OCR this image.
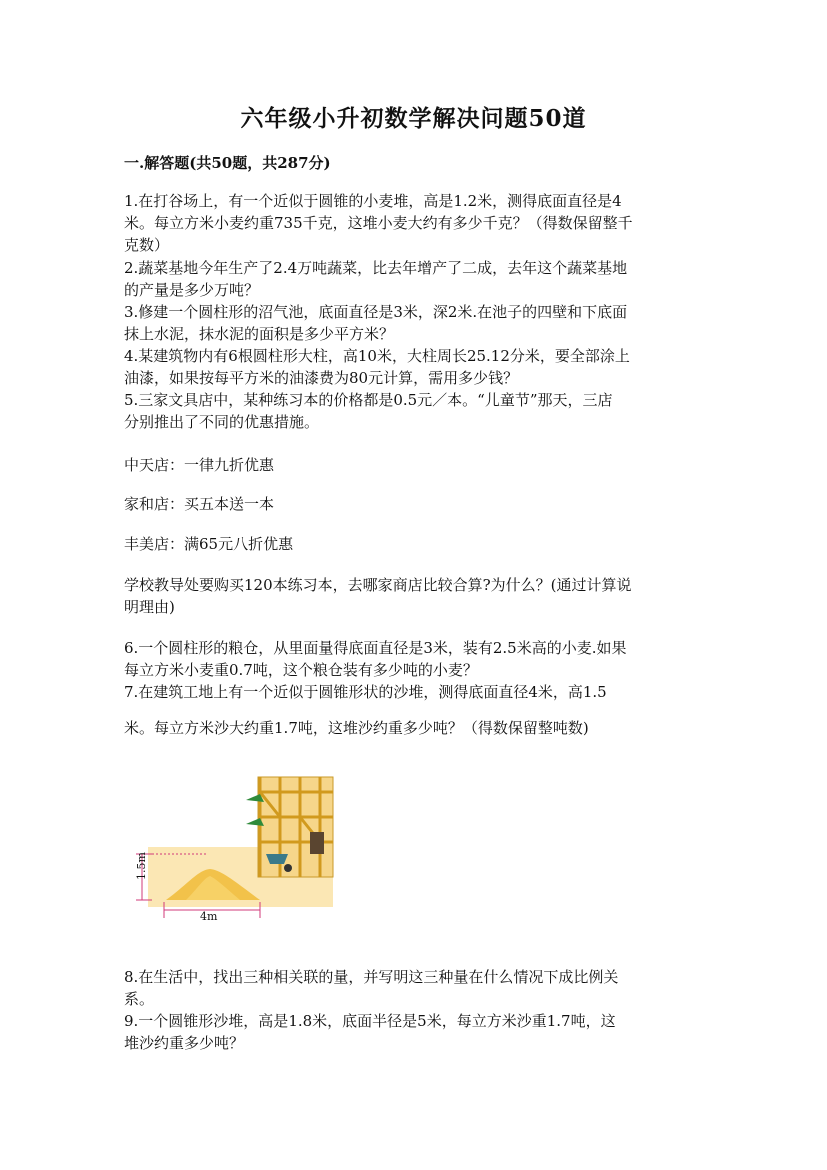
六年级小升初数学解决问题50道
一.解答题(共50题，共287分)
1.在打谷场上，有一个近似于圆锥的小麦堆，高是1.2米，测得底面直径是4
米。每立方米小麦约重735千克，这堆小麦大约有多少千克？（得数保留整千
克数）
2.蔬菜基地今年生产了2.4万吨蔬菜，比去年增产了二成，去年这个蔬菜基地
的产量是多少万吨？
3.修建一个圆柱形的沼气池，底面直径是3米，深2米.在池子的四壁和下底面
抹上水泥，抹水泥的面积是多少平方米？
4.某建筑物内有6根圆柱形大柱，高10米，大柱周长25.12分米，要全部涂上
油漆，如果按每平方米的油漆费为80元计算，需用多少钱？
5.三家文具店中，某种练习本的价格都是0.5元／本。“儿童节”那天，三店
分别推出了不同的优惠措施。
中天店：一律九折优惠
家和店：买五本送一本
丰美店：满65元八折优惠
学校教导处要购买120本练习本，去哪家商店比较合算?为什么？(通过计算说
明理由)
6.一个圆柱形的粮仓，从里面量得底面直径是3米，装有2.5米高的小麦.如果
每立方米小麦重0.7吨，这个粮仓装有多少吨的小麦？
7.在建筑工地上有一个近似于圆锥形状的沙堆，测得底面直径4米，高1.5
米。每立方米沙大约重1.7吨，这堆沙约重多少吨？（得数保留整吨数)
1.5m
4m
8.在生活中，找出三种相关联的量，并写明这三种量在什么情况下成比例关
系。
9.一个圆锥形沙堆，高是1.8米，底面半径是5米，每立方米沙重1.7吨，这
堆沙约重多少吨？
